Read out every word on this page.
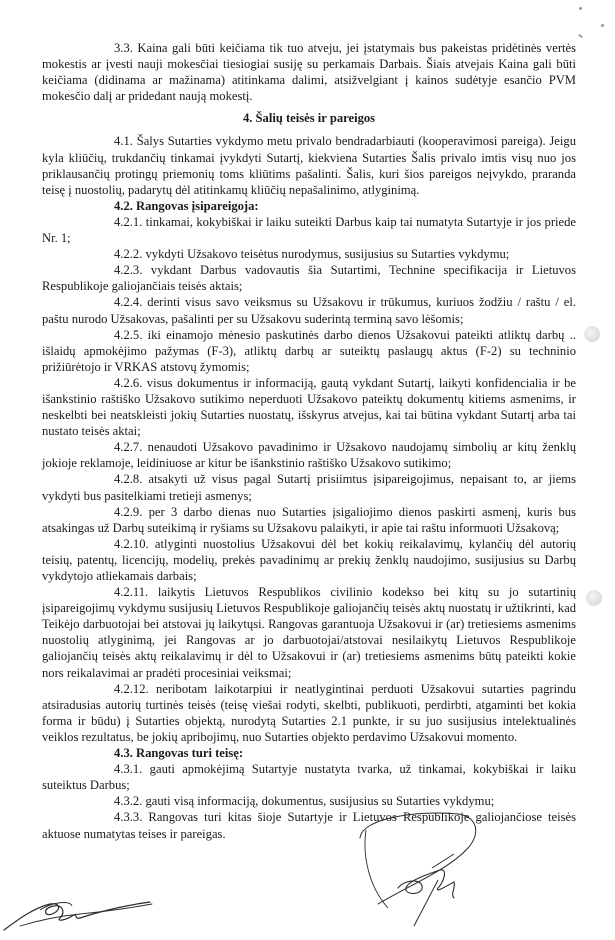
3.3. Kaina gali būti keičiama tik tuo atveju, jei įstatymais bus pakeistas pridėtinės vertės mokestis ar įvesti nauji mokesčiai tiesiogiai susiję su perkamais Darbais. Šiais atvejais Kaina gali būti keičiama (didinama ar mažinama) atitinkama dalimi, atsižvelgiant į kainos sudėtyje esančio PVM mokesčio dalį ar pridedant naują mokestį.

4. Šalių teisės ir pareigos

4.1. Šalys Sutarties vykdymo metu privalo bendradarbiauti (kooperavimosi pareiga). Jeigu kyla kliūčių, trukdančių tinkamai įvykdyti Sutartį, kiekviena Sutarties Šalis privalo imtis visų nuo jos priklausančių protingų priemonių toms kliūtims pašalinti. Šalis, kuri šios pareigos neįvykdo, praranda teisę į nuostolių, padarytų dėl atitinkamų kliūčių nepašalinimo, atlyginimą.

4.2. Rangovas įsipareigoja:

4.2.1. tinkamai, kokybiškai ir laiku suteikti Darbus kaip tai numatyta Sutartyje ir jos priede Nr. 1;

4.2.2. vykdyti Užsakovo teisėtus nurodymus, susijusius su Sutarties vykdymu;

4.2.3. vykdant Darbus vadovautis šia Sutartimi, Technine specifikacija ir Lietuvos Respublikoje galiojančiais teisės aktais;

4.2.4. derinti visus savo veiksmus su Užsakovu ir trūkumus, kuriuos žodžiu / raštu / el. paštu nurodo Užsakovas, pašalinti per su Užsakovu suderintą terminą savo lėšomis;

4.2.5. iki einamojo mėnesio paskutinės darbo dienos Užsakovui pateikti atliktų darbų .. išlaidų apmokėjimo pažymas (F-3), atliktų darbų ar suteiktų paslaugų aktus (F-2) su techninio prižiūrėtojo ir VRKAS atstovų žymomis;

4.2.6. visus dokumentus ir informaciją, gautą vykdant Sutartį, laikyti konfidencialia ir be išankstinio raštiško Užsakovo sutikimo neperduoti Užsakovo pateiktų dokumentų kitiems asmenims, ir neskelbti bei neatskleisti jokių Sutarties nuostatų, išskyrus atvejus, kai tai būtina vykdant Sutartį arba tai nustato teisės aktai;

4.2.7. nenaudoti Užsakovo pavadinimo ir Užsakovo naudojamų simbolių ar kitų ženklų jokioje reklamoje, leidiniuose ar kitur be išankstinio raštiško Užsakovo sutikimo;

4.2.8. atsakyti už visus pagal Sutartį prisiimtus įsipareigojimus, nepaisant to, ar jiems vykdyti bus pasitelkiami tretieji asmenys;

4.2.9. per 3 darbo dienas nuo Sutarties įsigaliojimo dienos paskirti asmenį, kuris bus atsakingas už Darbų suteikimą ir ryšiams su Užsakovu palaikyti, ir apie tai raštu informuoti Užsakovą;

4.2.10. atlyginti nuostolius Užsakovui dėl bet kokių reikalavimų, kylančių dėl autorių teisių, patentų, licencijų, modelių, prekės pavadinimų ar prekių ženklų naudojimo, susijusius su Darbų vykdytojo atliekamais darbais;

4.2.11. laikytis Lietuvos Respublikos civilinio kodekso bei kitų su jo sutartinių įsipareigojimų vykdymu susijusių Lietuvos Respublikoje galiojančių teisės aktų nuostatų ir užtikrinti, kad Teikėjo darbuotojai bei atstovai jų laikytųsi. Rangovas garantuoja Užsakovui ir (ar) tretiesiems asmenims nuostolių atlyginimą, jei Rangovas ar jo darbuotojai/atstovai nesilaikytų Lietuvos Respublikoje galiojančių teisės aktų reikalavimų ir dėl to Užsakovui ir (ar) tretiesiems asmenims būtų pateikti kokie nors reikalavimai ar pradėti procesiniai veiksmai;

4.2.12. neribotam laikotarpiui ir neatlygintinai perduoti Užsakovui sutarties pagrindu atsiradusias autorių turtinės teisės (teisę viešai rodyti, skelbti, publikuoti, perdirbti, atgaminti bet kokia forma ir būdu) į Sutarties objektą, nurodytą Sutarties 2.1 punkte, ir su juo susijusius intelektualinės veiklos rezultatus, be jokių apribojimų, nuo Sutarties objekto perdavimo Užsakovui momento.

4.3. Rangovas turi teisę:

4.3.1. gauti apmokėjimą Sutartyje nustatyta tvarka, už tinkamai, kokybiškai ir laiku suteiktus Darbus;

4.3.2. gauti visą informaciją, dokumentus, susijusius su Sutarties vykdymu;

4.3.3. Rangovas turi kitas šioje Sutartyje ir Lietuvos Respublikoje galiojančiose teisės aktuose numatytas teises ir pareigas.
